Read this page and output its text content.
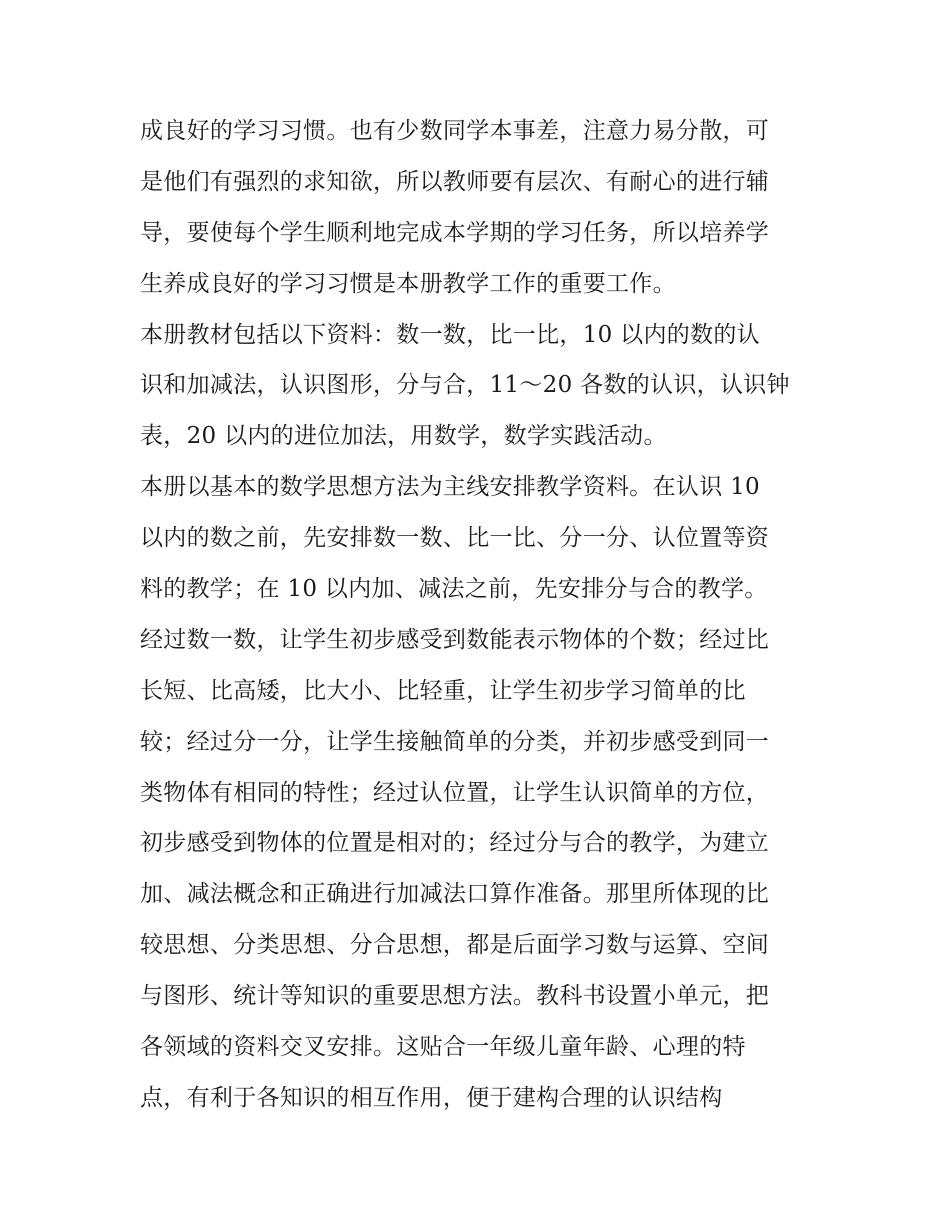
成良好的学习习惯。也有少数同学本事差，注意力易分散，可
是他们有强烈的求知欲，所以教师要有层次、有耐心的进行辅
导，要使每个学生顺利地完成本学期的学习任务，所以培养学
生养成良好的学习习惯是本册教学工作的重要工作。
本册教材包括以下资料：数一数，比一比，10 以内的数的认
识和加减法，认识图形，分与合，11～20 各数的认识，认识钟
表，20 以内的进位加法，用数学，数学实践活动。
本册以基本的数学思想方法为主线安排教学资料。在认识 10
以内的数之前，先安排数一数、比一比、分一分、认位置等资
料的教学；在 10 以内加、减法之前，先安排分与合的教学。
经过数一数，让学生初步感受到数能表示物体的个数；经过比
长短、比高矮，比大小、比轻重，让学生初步学习简单的比
较；经过分一分，让学生接触简单的分类，并初步感受到同一
类物体有相同的特性；经过认位置，让学生认识简单的方位，
初步感受到物体的位置是相对的；经过分与合的教学，为建立
加、减法概念和正确进行加减法口算作准备。那里所体现的比
较思想、分类思想、分合思想，都是后面学习数与运算、空间
与图形、统计等知识的重要思想方法。教科书设置小单元，把
各领域的资料交叉安排。这贴合一年级儿童年龄、心理的特
点，有利于各知识的相互作用，便于建构合理的认识结构
